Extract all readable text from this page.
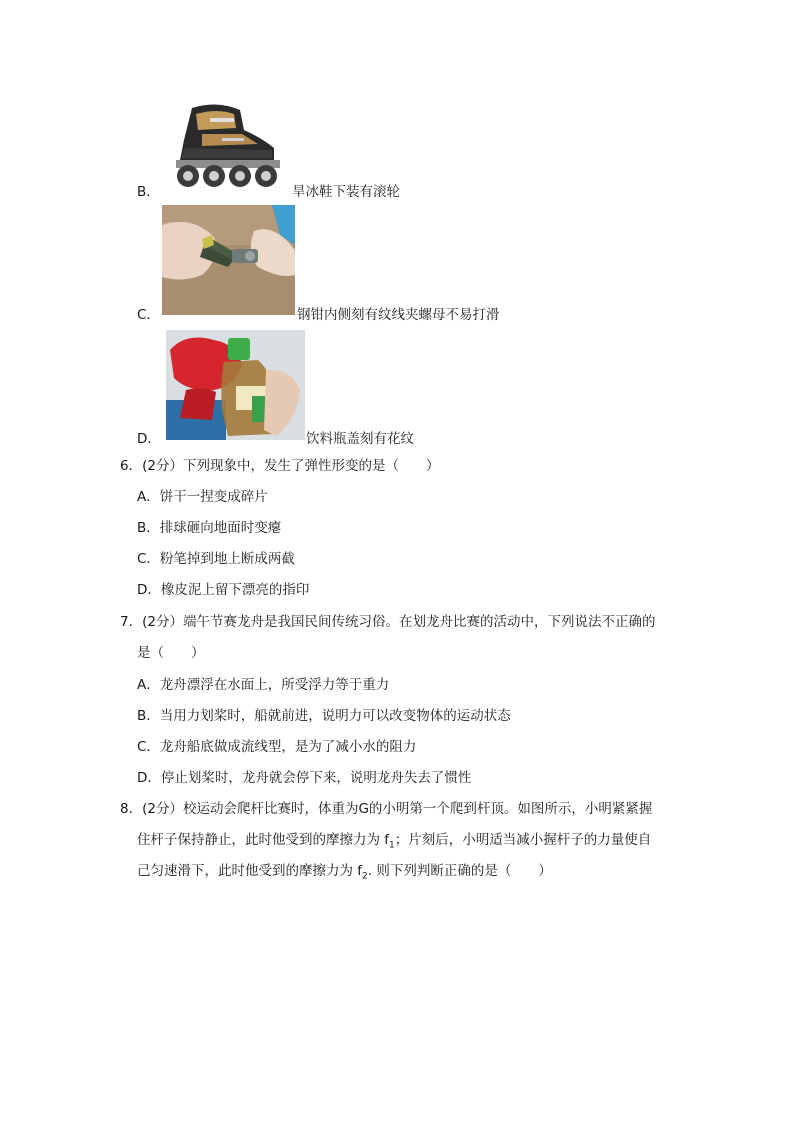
B．	旱冰鞋下装有滚轮
C．	钢钳内侧刻有纹线夹螺母不易打滑
D．	饮料瓶盖刻有花纹
6．(2分）下列现象中，发生了弹性形变的是（　　）
A．饼干一捏变成碎片
B．排球砸向地面时变瘪
C．粉笔掉到地上断成两截
D．橡皮泥上留下漂亮的指印
7．(2分）端午节赛龙舟是我国民间传统习俗。在划龙舟比赛的活动中，下列说法不正确的
是（　　）
A．龙舟漂浮在水面上，所受浮力等于重力
B．当用力划桨时，船就前进，说明力可以改变物体的运动状态
C．龙舟船底做成流线型，是为了减小水的阻力
D．停止划桨时，龙舟就会停下来，说明龙舟失去了惯性
8．(2分）校运动会爬杆比赛时，体重为G的小明第一个爬到杆顶。如图所示，小明紧紧握
住杆子保持静止，此时他受到的摩擦力为 $f_1$；片刻后，小明适当减小握杆子的力量使自
己匀速滑下，此时他受到的摩擦力为 $f_2$. 则下列判断正确的是（　　）
